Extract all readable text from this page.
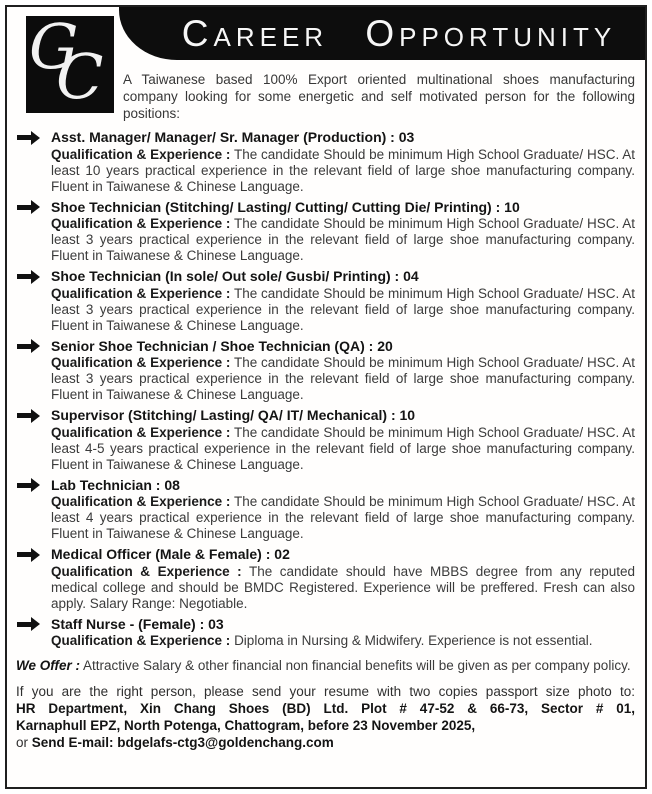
Career Opportunity
G
C A Taiwanese based 100% Export oriented multinational shoes manufacturing company looking for some energetic and self motivated person for the following positions:

Asst. Manager/ Manager/ Sr. Manager (Production) : 03

Qualification & Experience : The candidate Should be minimum High School Graduate/ HSC. At least 10 years practical experience in the relevant field of large shoe manufacturing company. Fluent in Taiwanese & Chinese Language.

Shoe Technician (Stitching/ Lasting/ Cutting/ Cutting Die/ Printing) : 10

Qualification & Experience : The candidate Should be minimum High School Graduate/ HSC. At least 3 years practical experience in the relevant field of large shoe manufacturing company. Fluent in Taiwanese & Chinese Language.

Shoe Technician (In sole/ Out sole/ Gusbi/ Printing) : 04

Qualification & Experience : The candidate Should be minimum High School Graduate/ HSC. At least 3 years practical experience in the relevant field of large shoe manufacturing company. Fluent in Taiwanese & Chinese Language.

Senior Shoe Technician / Shoe Technician (QA) : 20

Qualification & Experience : The candidate Should be minimum High School Graduate/ HSC. At least 3 years practical experience in the relevant field of large shoe manufacturing company. Fluent in Taiwanese & Chinese Language.

Supervisor (Stitching/ Lasting/ QA/ IT/ Mechanical) : 10

Qualification & Experience : The candidate Should be minimum High School Graduate/ HSC. At least 4-5 years practical experience in the relevant field of large shoe manufacturing company. Fluent in Taiwanese & Chinese Language.

Lab Technician : 08

Qualification & Experience : The candidate Should be minimum High School Graduate/ HSC. At least 4 years practical experience in the relevant field of large shoe manufacturing company. Fluent in Taiwanese & Chinese Language.

Medical Officer (Male & Female) : 02

Qualification & Experience : The candidate should have MBBS degree from any reputed medical college and should be BMDC Registered. Experience will be preffered. Fresh can also apply. Salary Range: Negotiable.

Staff Nurse - (Female) : 03

Qualification & Experience : Diploma in Nursing & Midwifery. Experience is not essential.

We Offer : Attractive Salary & other financial non financial benefits will be given as per company policy.

If you are the right person, please send your resume with two copies passport size photo to:

HR Department, Xin Chang Shoes (BD) Ltd. Plot # 47-52 & 66-73, Sector # 01,

Karnaphull EPZ, North Potenga, Chattogram, before 23 November 2025,

or Send E-mail: bdgelafs-ctg3@goldenchang.com
